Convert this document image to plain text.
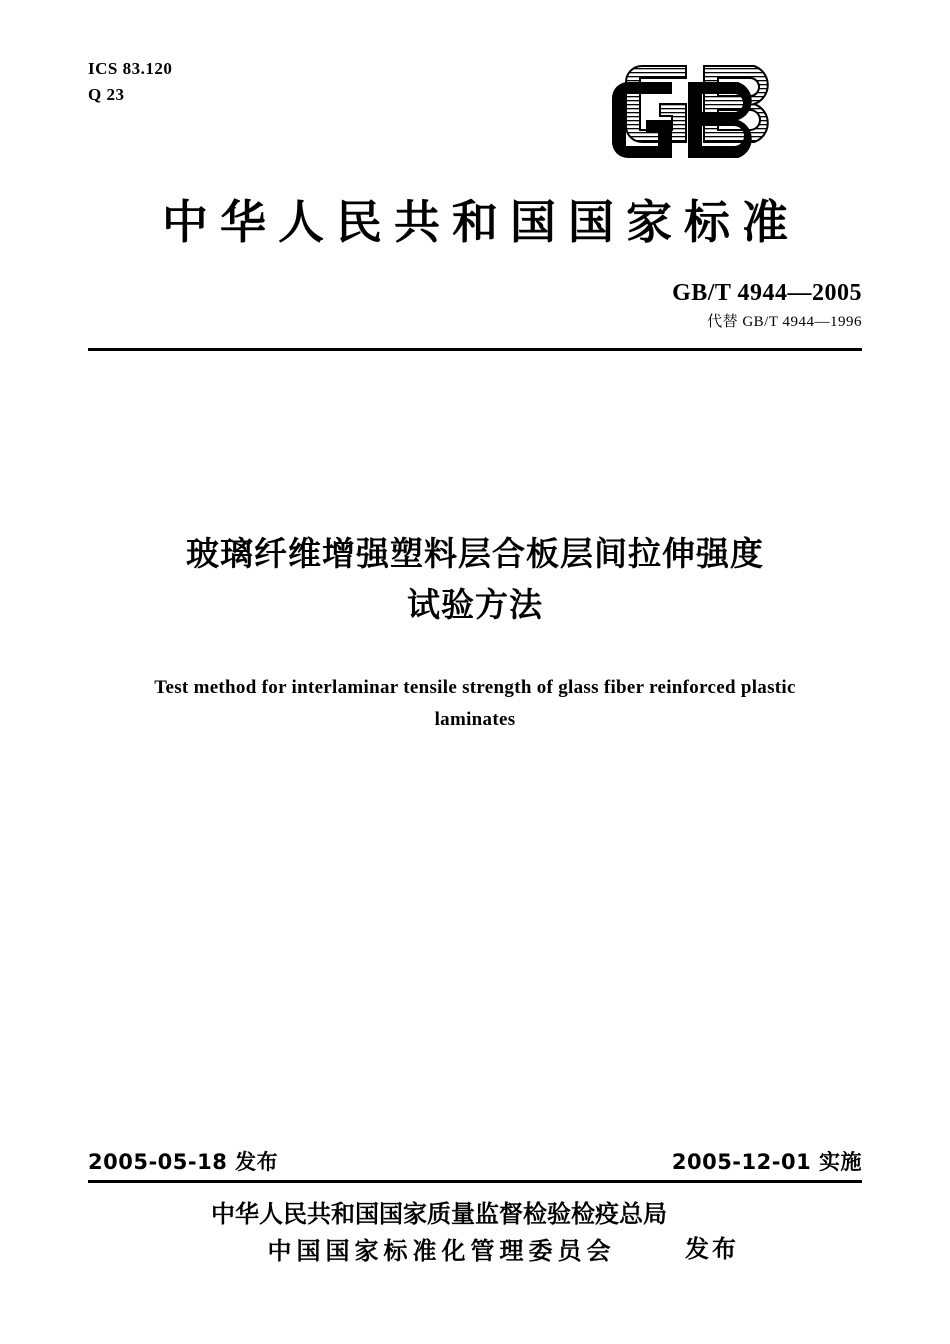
ICS 83.120
Q 23
中华人民共和国国家标准
GB/T 4944—2005
代替 GB/T 4944—1996
玻璃纤维增强塑料层合板层间拉伸强度
试验方法
Test method for interlaminar tensile strength of glass fiber reinforced plastic
laminates
2005-05-18 发布	2005-12-01 实施
中华人民共和国国家质量监督检验检疫总局
中国国家标准化管理委员会	发布
